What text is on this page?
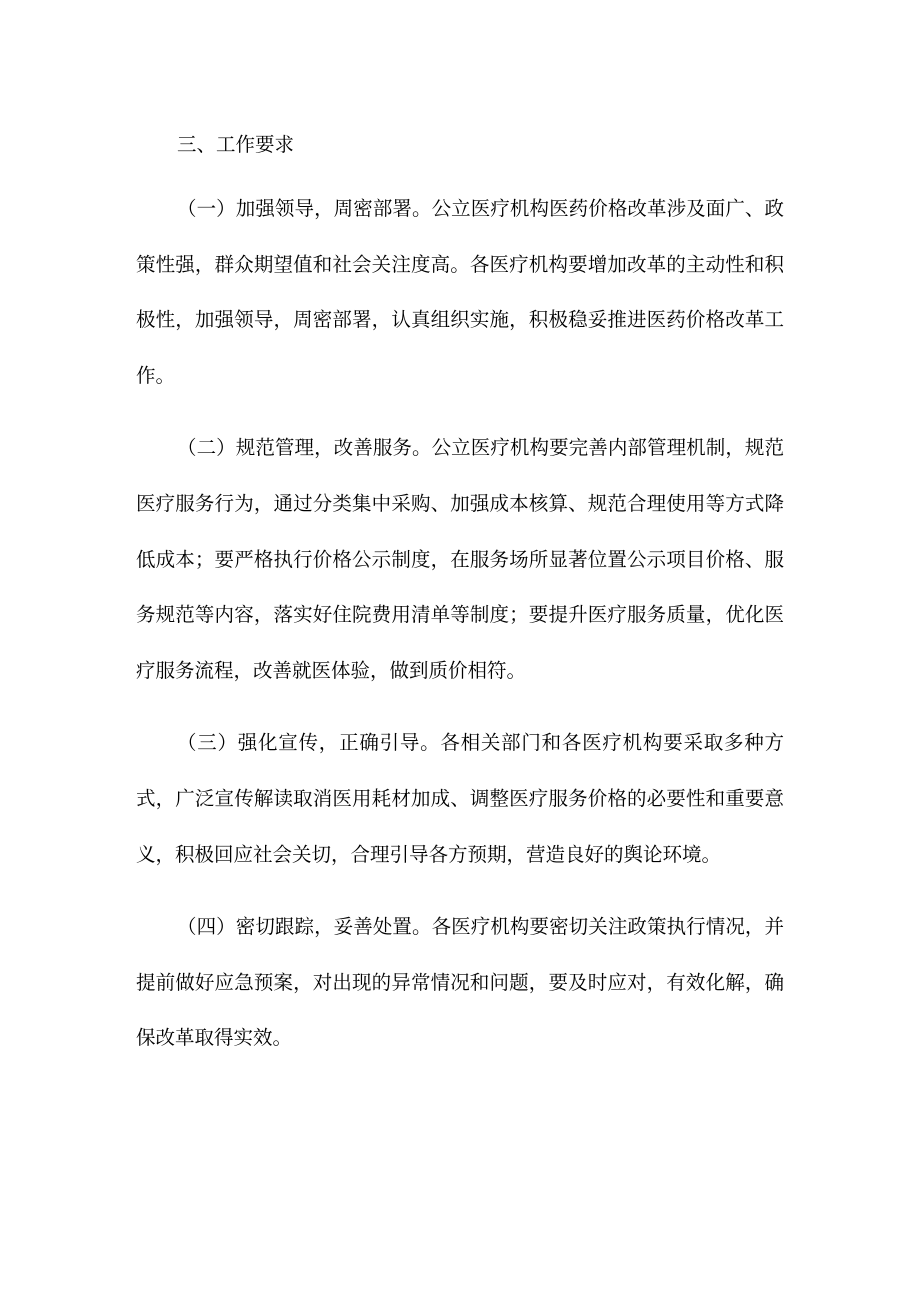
三、工作要求

（一）加强领导，周密部署。公立医疗机构医药价格改革涉及面广、政策性强，群众期望值和社会关注度高。各医疗机构要增加改革的主动性和积极性，加强领导，周密部署，认真组织实施，积极稳妥推进医药价格改革工作。

（二）规范管理，改善服务。公立医疗机构要完善内部管理机制，规范医疗服务行为，通过分类集中采购、加强成本核算、规范合理使用等方式降低成本；要严格执行价格公示制度，在服务场所显著位置公示项目价格、服务规范等内容，落实好住院费用清单等制度；要提升医疗服务质量，优化医疗服务流程，改善就医体验，做到质价相符。

（三）强化宣传，正确引导。各相关部门和各医疗机构要采取多种方式，广泛宣传解读取消医用耗材加成、调整医疗服务价格的必要性和重要意义，积极回应社会关切，合理引导各方预期，营造良好的舆论环境。

（四）密切跟踪，妥善处置。各医疗机构要密切关注政策执行情况，并提前做好应急预案，对出现的异常情况和问题，要及时应对，有效化解，确保改革取得实效。
